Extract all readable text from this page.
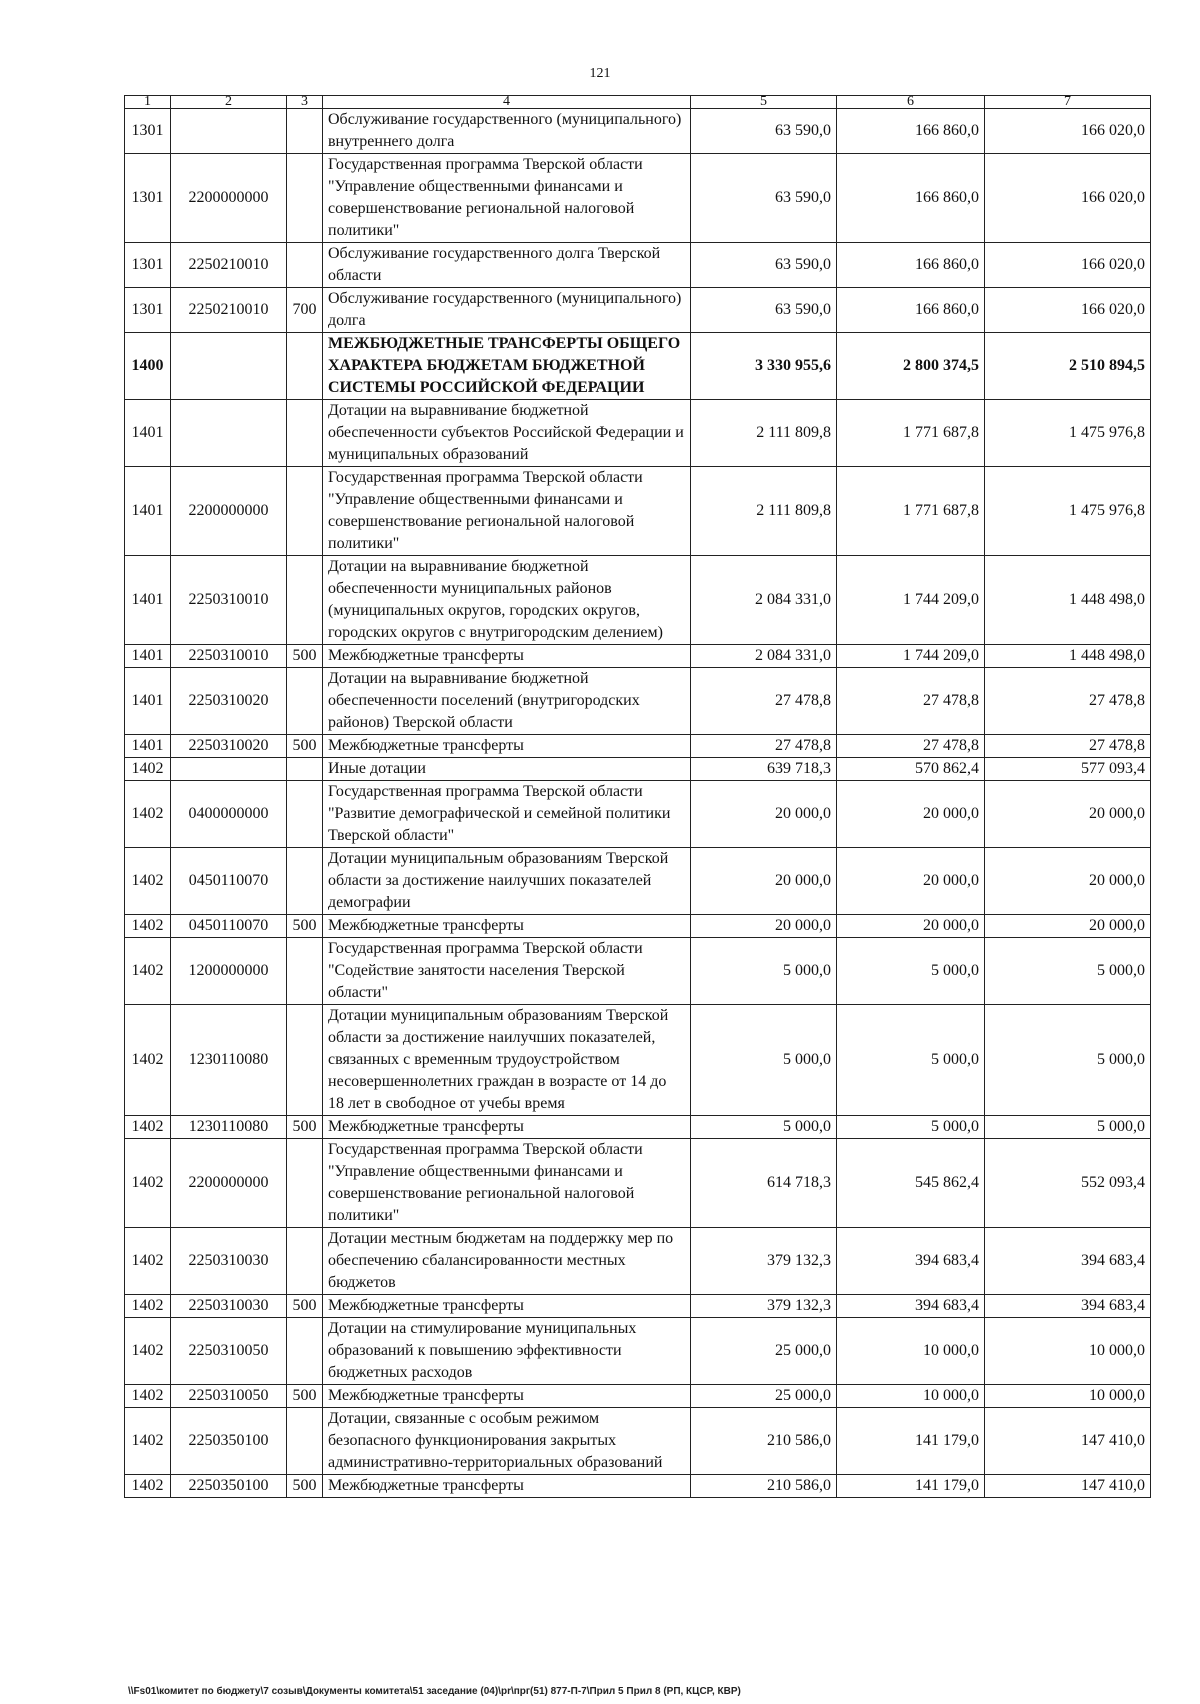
121
1	2	3	4	5	6	7
1301			Обслуживание государственного (муниципального) внутреннего долга	63 590,0	166 860,0	166 020,0
1301	2200000000		Государственная программа Тверской области "Управление общественными финансами и совершенствование региональной налоговой политики"	63 590,0	166 860,0	166 020,0
1301	2250210010		Обслуживание государственного долга Тверской области	63 590,0	166 860,0	166 020,0
1301	2250210010	700	Обслуживание государственного (муниципального) долга	63 590,0	166 860,0	166 020,0
1400			МЕЖБЮДЖЕТНЫЕ ТРАНСФЕРТЫ ОБЩЕГО ХАРАКТЕРА БЮДЖЕТАМ БЮДЖЕТНОЙ СИСТЕМЫ РОССИЙСКОЙ ФЕДЕРАЦИИ	3 330 955,6	2 800 374,5	2 510 894,5
1401			Дотации на выравнивание бюджетной обеспеченности субъектов Российской Федерации и муниципальных образований	2 111 809,8	1 771 687,8	1 475 976,8
1401	2200000000		Государственная программа Тверской области "Управление общественными финансами и совершенствование региональной налоговой политики"	2 111 809,8	1 771 687,8	1 475 976,8
1401	2250310010		Дотации на выравнивание бюджетной обеспеченности муниципальных районов (муниципальных округов, городских округов, городских округов с внутригородским делением)	2 084 331,0	1 744 209,0	1 448 498,0
1401	2250310010	500	Межбюджетные трансферты	2 084 331,0	1 744 209,0	1 448 498,0
1401	2250310020		Дотации на выравнивание бюджетной обеспеченности поселений (внутригородских районов) Тверской области	27 478,8	27 478,8	27 478,8
1401	2250310020	500	Межбюджетные трансферты	27 478,8	27 478,8	27 478,8
1402			Иные дотации	639 718,3	570 862,4	577 093,4
1402	0400000000		Государственная программа Тверской области "Развитие демографической и семейной политики Тверской области"	20 000,0	20 000,0	20 000,0
1402	0450110070		Дотации муниципальным образованиям Тверской области за достижение наилучших показателей демографии	20 000,0	20 000,0	20 000,0
1402	0450110070	500	Межбюджетные трансферты	20 000,0	20 000,0	20 000,0
1402	1200000000		Государственная программа Тверской области "Содействие занятости населения Тверской области"	5 000,0	5 000,0	5 000,0
1402	1230110080		Дотации муниципальным образованиям Тверской области за достижение наилучших показателей, связанных с временным трудоустройством несовершеннолетних граждан в возрасте от 14 до 18 лет в свободное от учебы время	5 000,0	5 000,0	5 000,0
1402	1230110080	500	Межбюджетные трансферты	5 000,0	5 000,0	5 000,0
1402	2200000000		Государственная программа Тверской области "Управление общественными финансами и совершенствование региональной налоговой политики"	614 718,3	545 862,4	552 093,4
1402	2250310030		Дотации местным бюджетам на поддержку мер по обеспечению сбалансированности местных бюджетов	379 132,3	394 683,4	394 683,4
1402	2250310030	500	Межбюджетные трансферты	379 132,3	394 683,4	394 683,4
1402	2250310050		Дотации на стимулирование муниципальных образований к повышению эффективности бюджетных расходов	25 000,0	10 000,0	10 000,0
1402	2250310050	500	Межбюджетные трансферты	25 000,0	10 000,0	10 000,0
1402	2250350100		Дотации, связанные с особым режимом безопасного функционирования закрытых административно-территориальных образований	210 586,0	141 179,0	147 410,0
1402	2250350100	500	Межбюджетные трансферты	210 586,0	141 179,0	147 410,0
\\Fs01\комитет по бюджету\7 созыв\Документы комитета\51 заседание (04)\pr\прг(51) 877-П-7\Прил 5 Прил 8 (РП, КЦСР, КВР)
